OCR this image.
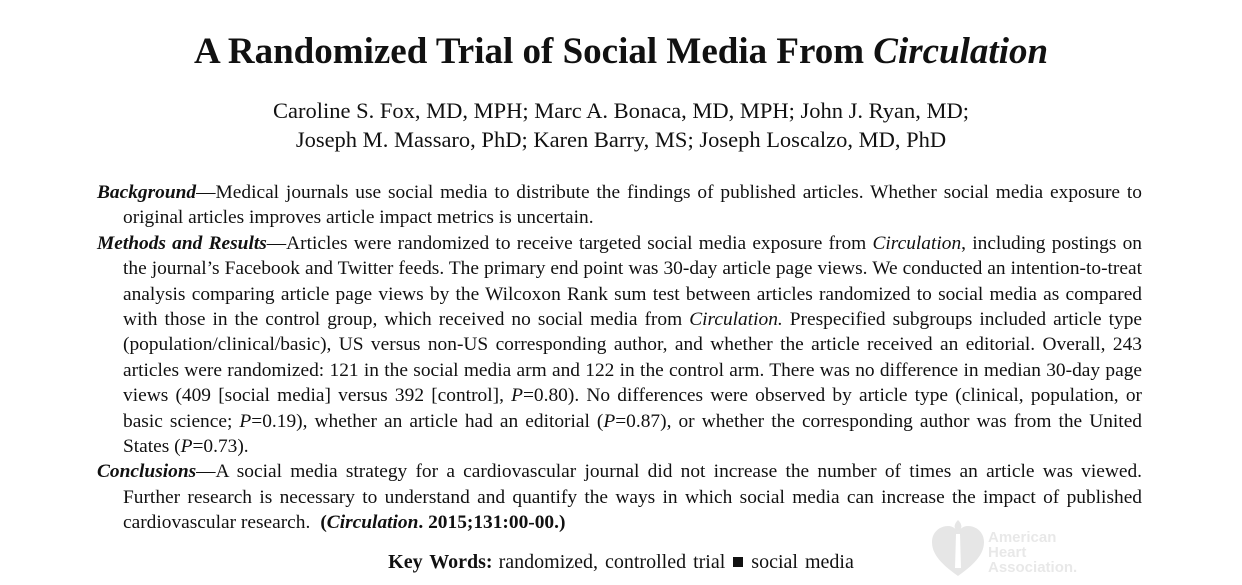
A Randomized Trial of Social Media From Circulation
Caroline S. Fox, MD, MPH; Marc A. Bonaca, MD, MPH; John J. Ryan, MD;
Joseph M. Massaro, PhD; Karen Barry, MS; Joseph Loscalzo, MD, PhD
Background—Medical journals use social media to distribute the findings of published articles. Whether social media exposure to original articles improves article impact metrics is uncertain.
Methods and Results—Articles were randomized to receive targeted social media exposure from Circulation, including postings on the journal’s Facebook and Twitter feeds. The primary end point was 30-day article page views. We conducted an intention-to-treat analysis comparing article page views by the Wilcoxon Rank sum test between articles randomized to social media as compared with those in the control group, which received no social media from Circulation. Prespecified subgroups included article type (population/clinical/basic), US versus non-US corresponding author, and whether the article received an editorial. Overall, 243 articles were randomized: 121 in the social media arm and 122 in the control arm. There was no difference in median 30-day page views (409 [social media] versus 392 [control], P=0.80). No differences were observed by article type (clinical, population, or basic science; P=0.19), whether an article had an editorial (P=0.87), or whether the corresponding author was from the United States (P=0.73).
Conclusions—A social media strategy for a cardiovascular journal did not increase the number of times an article was viewed. Further research is necessary to understand and quantify the ways in which social media can increase the impact of published cardiovascular research. (Circulation. 2015;131:00-00.)
Key Words: randomized, controlled trial social media
American
Heart
Association.
